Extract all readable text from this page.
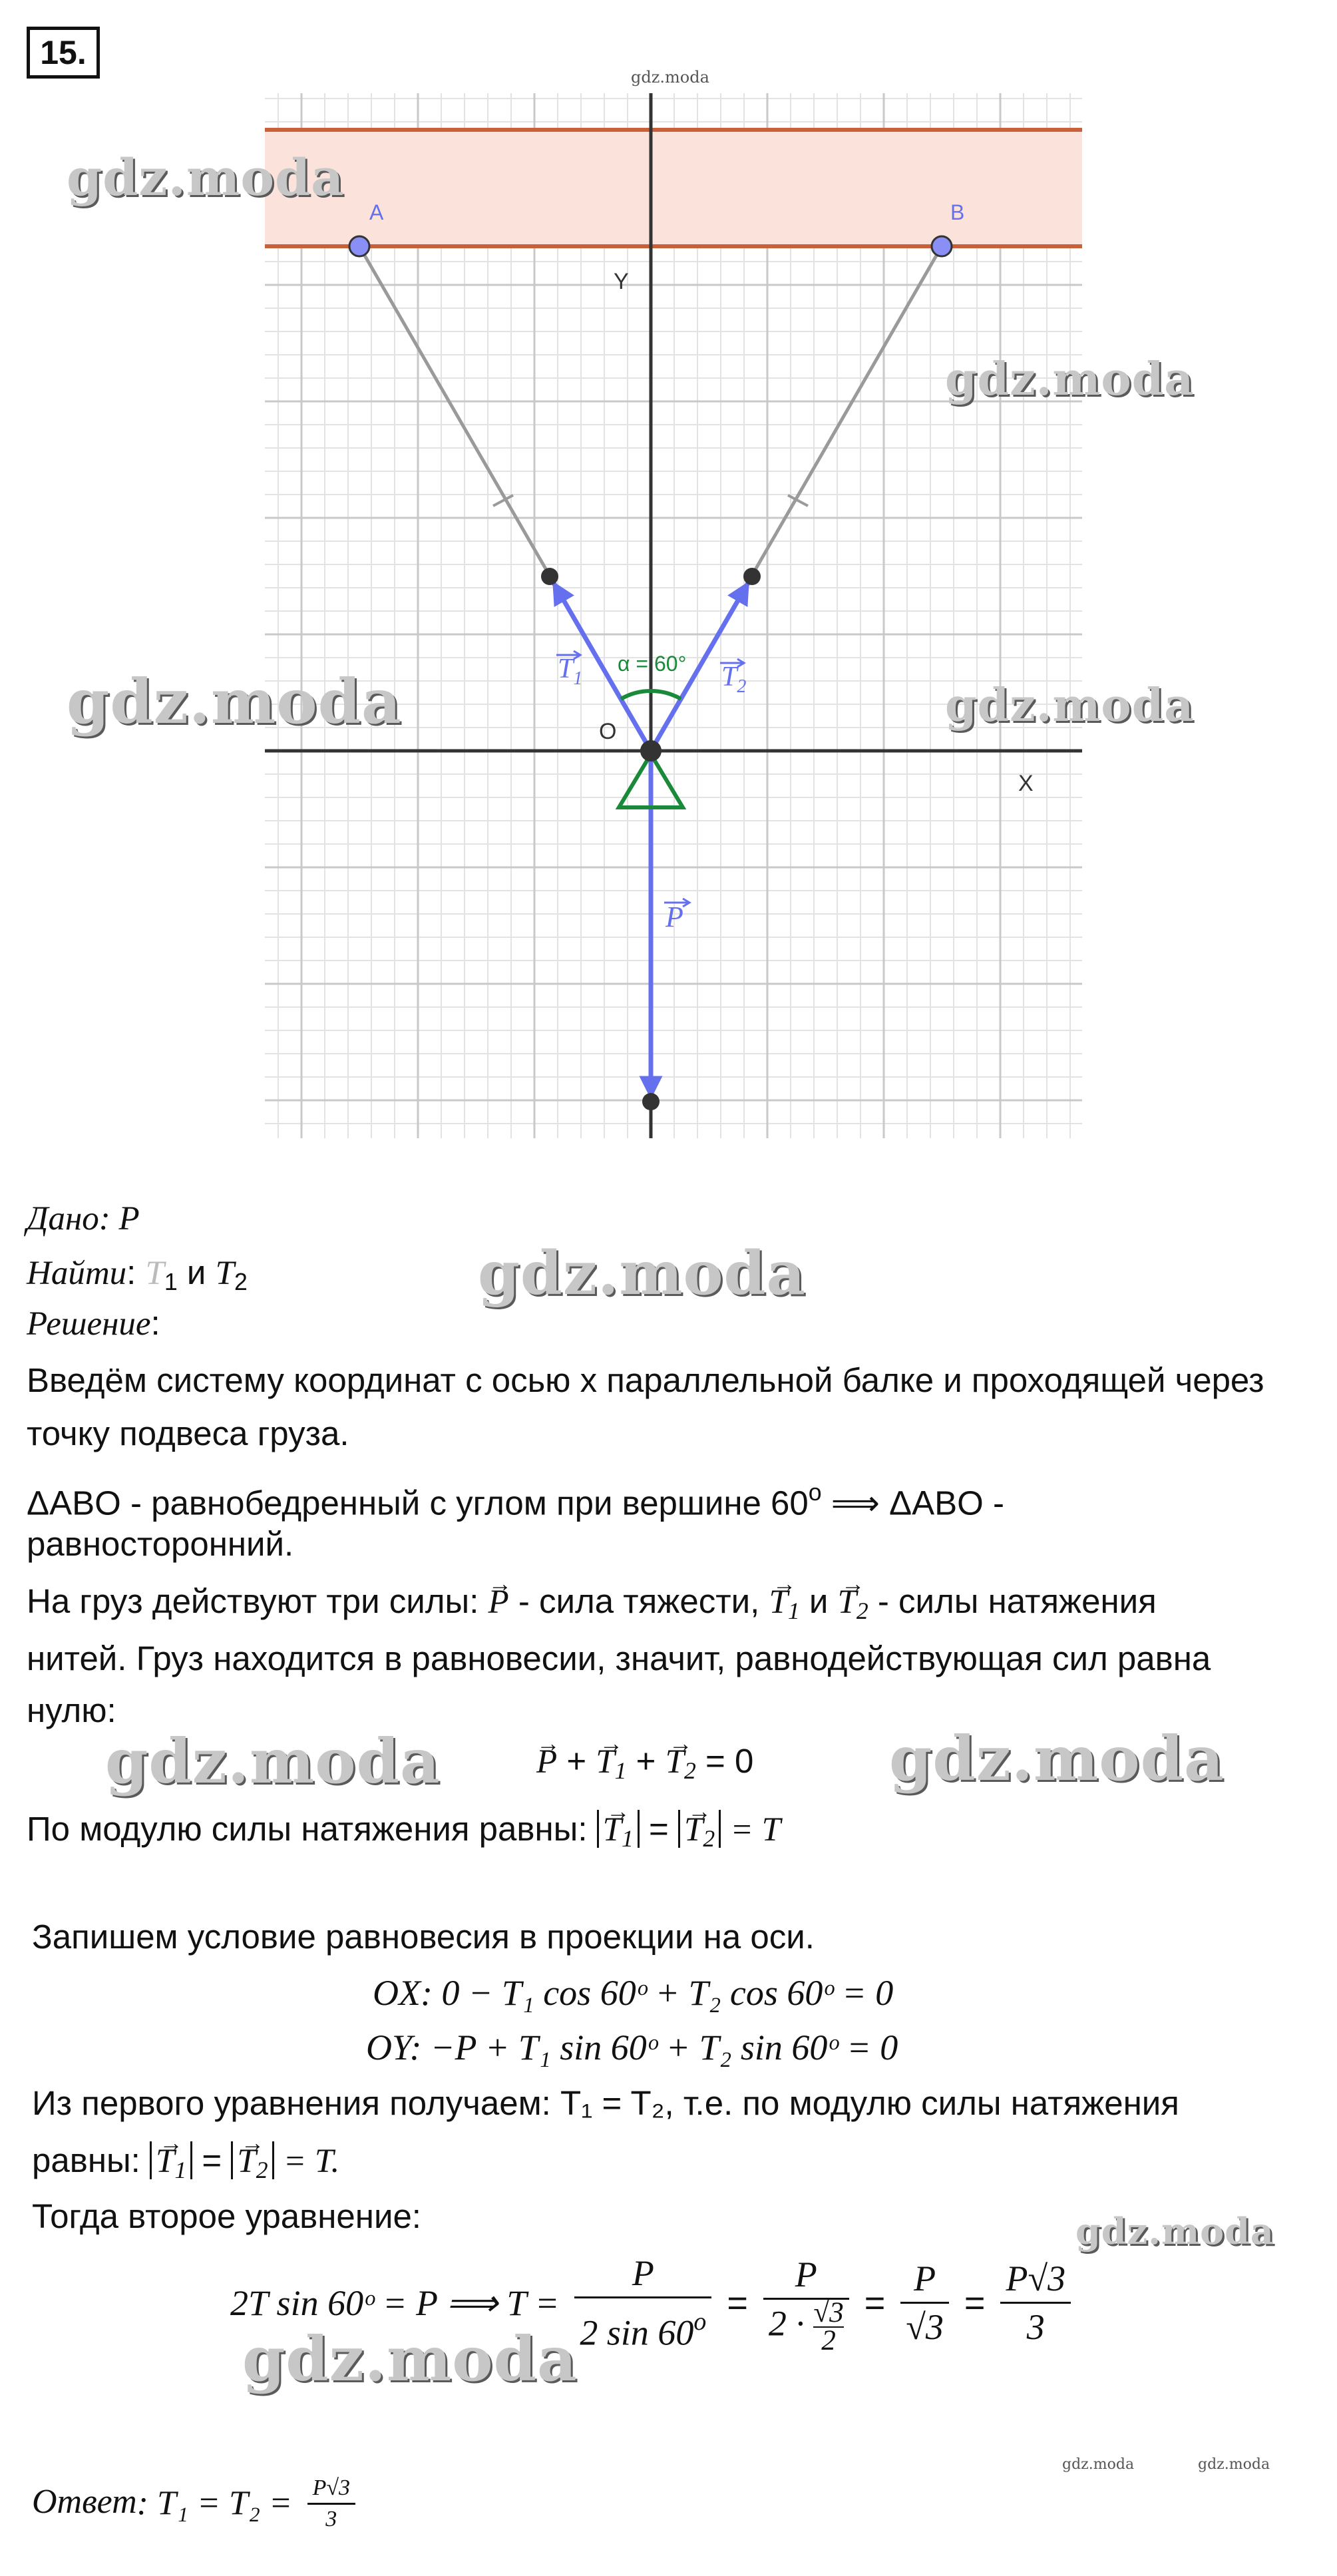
15.
gdz.moda
A	B
Y
X
O
α = 60°
$T_1$	$T_2$
P
gdz.moda
gdz.moda
gdz.moda	gdz.moda
gdz.moda
gdz.moda	gdz.moda
gdz.moda
gdz.moda
gdz.moda	gdz.moda
Дано: P
Найти: $T_1$ и $T_2$
Решение:
Введём систему координат с осью x параллельной балке и проходящей через
точку подвеса груза.
ΔABO - равнобедренный с углом при вершине 60$^o$ ⟹ ΔABO -
равносторонний.
На груз действуют три силы: → P - сила тяжести, → $T_1$ $и \to T_2$ - силы натяжения
нитей. Груз находится в равновесии, значит, равнодействующая сил равна
нулю:
→ P + → $T_1$ + → $T_2 = 0$
По модулю силы натяжения равны: → $T_1$ = → $T_2 = T$
Запишем условие равновесия в проекции на оси.
OX: 0 − T₁ cos 60ᵒ + T₂ cos 60ᵒ = 0
OY: −P + T₁ sin 60ᵒ + T₂ sin 60ᵒ = 0
Из первого уравнения получаем: T₁ = T₂, т.е. по модулю силы натяжения
равны: → $T_1$ = → $T_2 = T$.
Тогда второе уравнение:
2T sin 60ᵒ = P ⟹ $T = \frac{P}{2 \sin 60^o} = \frac{P}{2 \cdot \frac{√3}{2}} = \frac{P}{√3} = \frac{P√3}{3}$
Ответ: $T_1 = T_2 = \frac{P√3}{3}$
